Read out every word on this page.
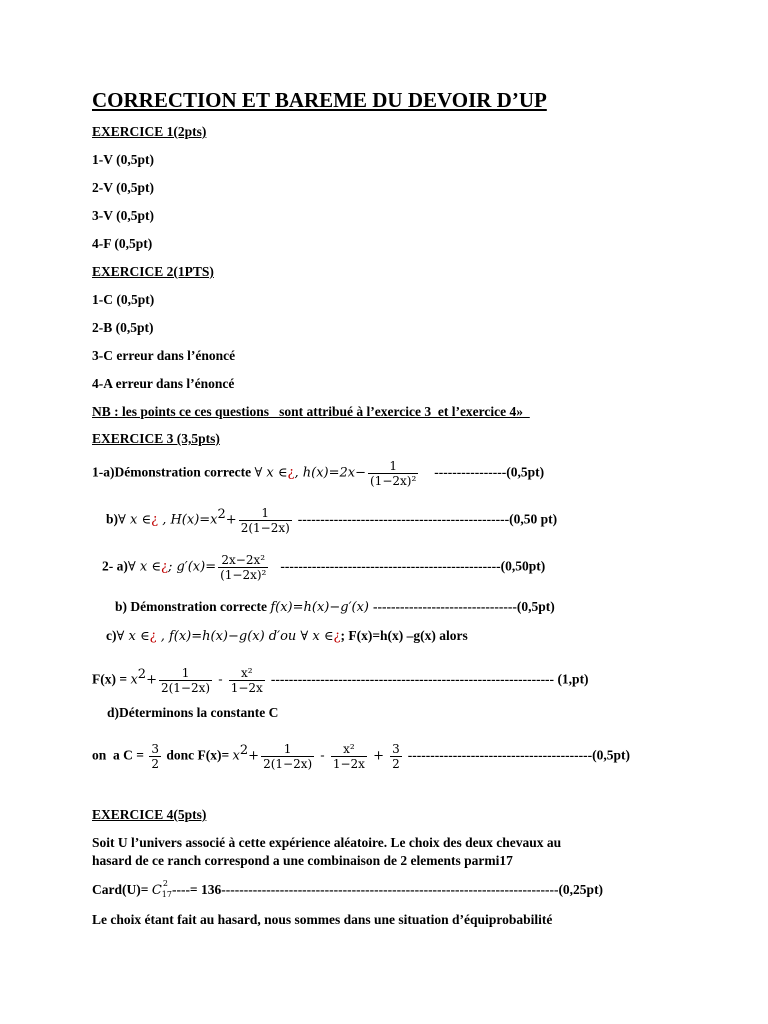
CORRECTION ET BAREME DU DEVOIR D’UP
EXERCICE 1(2pts)
1-V (0,5pt)
2-V (0,5pt)
3-V (0,5pt)
4-F (0,5pt)
EXERCICE 2(1PTS)
1-C (0,5pt)
2-B (0,5pt)
3-C erreur dans l’énoncé
4-A erreur dans l’énoncé
NB : les points ce ces questions   sont attribué à l’exercice 3  et l’exercice 4»
EXERCICE 3 (3,5pts)
1-a)Démonstration correcte ∀ x ∈¿, $h(x)=2x- \frac{1}{\text{(1−2x)²}} ----------------(0,5pt)$
b)∀ x ∈¿ , $H(x)=x^2+ \frac{1}{2(1-2x)} -----------------------------------------------(0,50$ pt)
2- a)∀ x ∈¿; $g'(x)= \frac{\text{2x−2x²}}{\text{(1−2x)²}} -------------------------------------------------(0,50pt)$
b) Démonstration correcte f(x)=h(x)−g′(x) --------------------------------(0,5pt)
c)∀ x ∈¿ , f(x)=h(x)−g(x) d′ou ∀ x ∈¿; F(x)=h(x) –g(x) alors
$F(x) = x^2+ \frac{1}{2(1-2x)} - \frac{\text{x²}}{1-2x}$ --------------------------------------------------------------- (1,pt)
d)Déterminons la constante C
on  a $C = \frac{3}{2}$ donc $F(x)= x^2+ \frac{1}{2(1-2x)} - \frac{\text{x²}}{1-2x} + \frac{3}{2} -----------------------------------------(0,5pt)$
EXERCICE 4(5pts)
Soit U l’univers associé à cette expérience aléatoire. Le choix des deux chevaux au
hasard de ce ranch correspond a une combinaison de 2 elements parmi17
Card(U)= C 2
$_{17}$----= 136---------------------------------------------------------------------------(0,25pt)
Le choix étant fait au hasard, nous sommes dans une situation d’équiprobabilité
